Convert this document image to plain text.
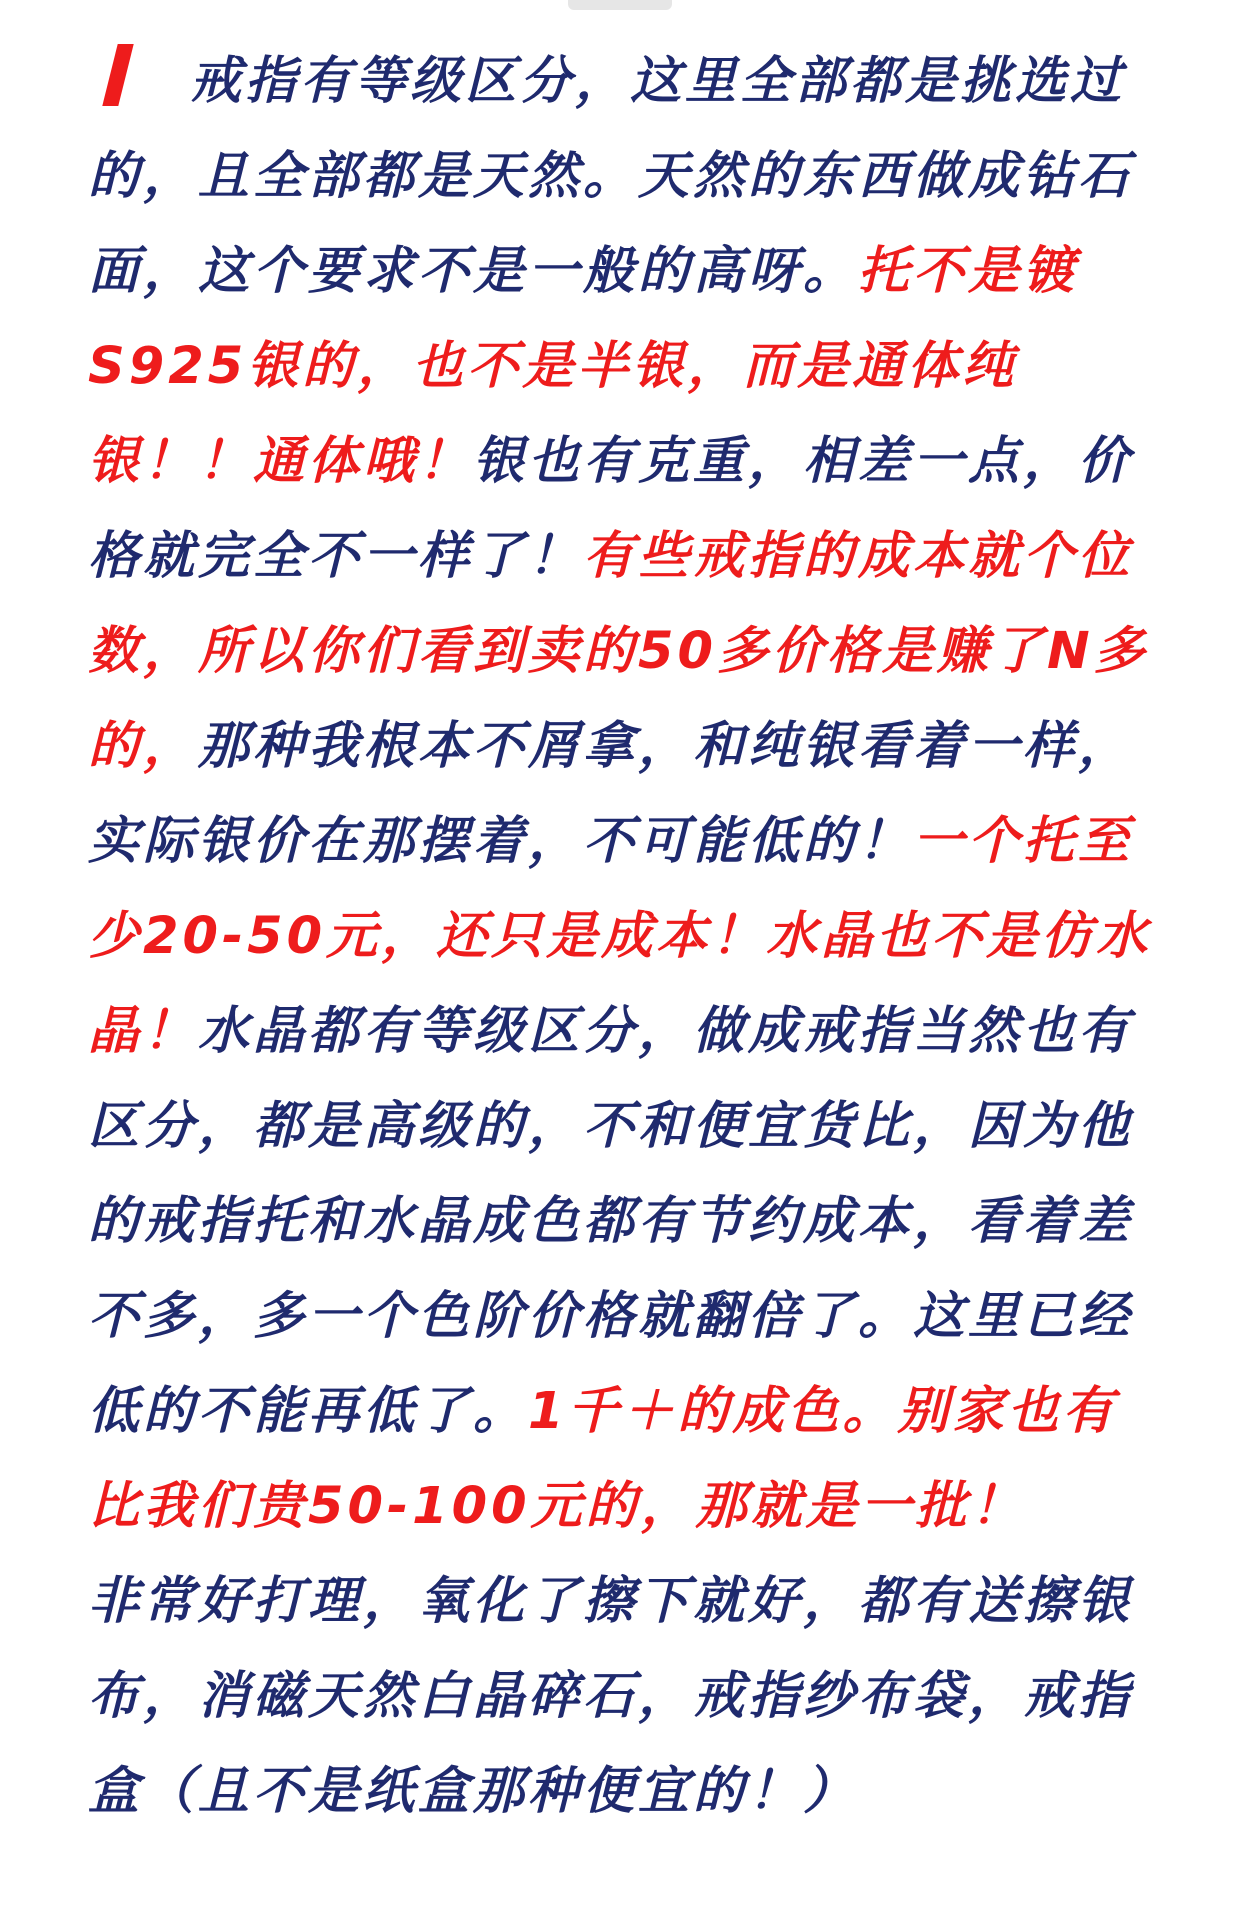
戒指有等级区分，这里全部都是挑选过的，且全部都是天然。天然的东西做成钻石面，这个要求不是一般的高呀。托不是镀S925银的，也不是半银，而是通体纯银！！通体哦！银也有克重，相差一点，价格就完全不一样了！有些戒指的成本就个位数，所以你们看到卖的50多价格是赚了N多的，那种我根本不屑拿，和纯银看着一样，实际银价在那摆着，不可能低的！一个托至少20-50元，还只是成本！水晶也不是仿水晶！水晶都有等级区分，做成戒指当然也有区分，都是高级的，不和便宜货比，因为他的戒指托和水晶成色都有节约成本，看着差不多，多一个色阶价格就翻倍了。这里已经低的不能再低了。1千＋的成色。别家也有比我们贵50-100元的，那就是一批！
非常好打理，氧化了擦下就好，都有送擦银布，消磁天然白晶碎石，戒指纱布袋，戒指盒（且不是纸盒那种便宜的！）
